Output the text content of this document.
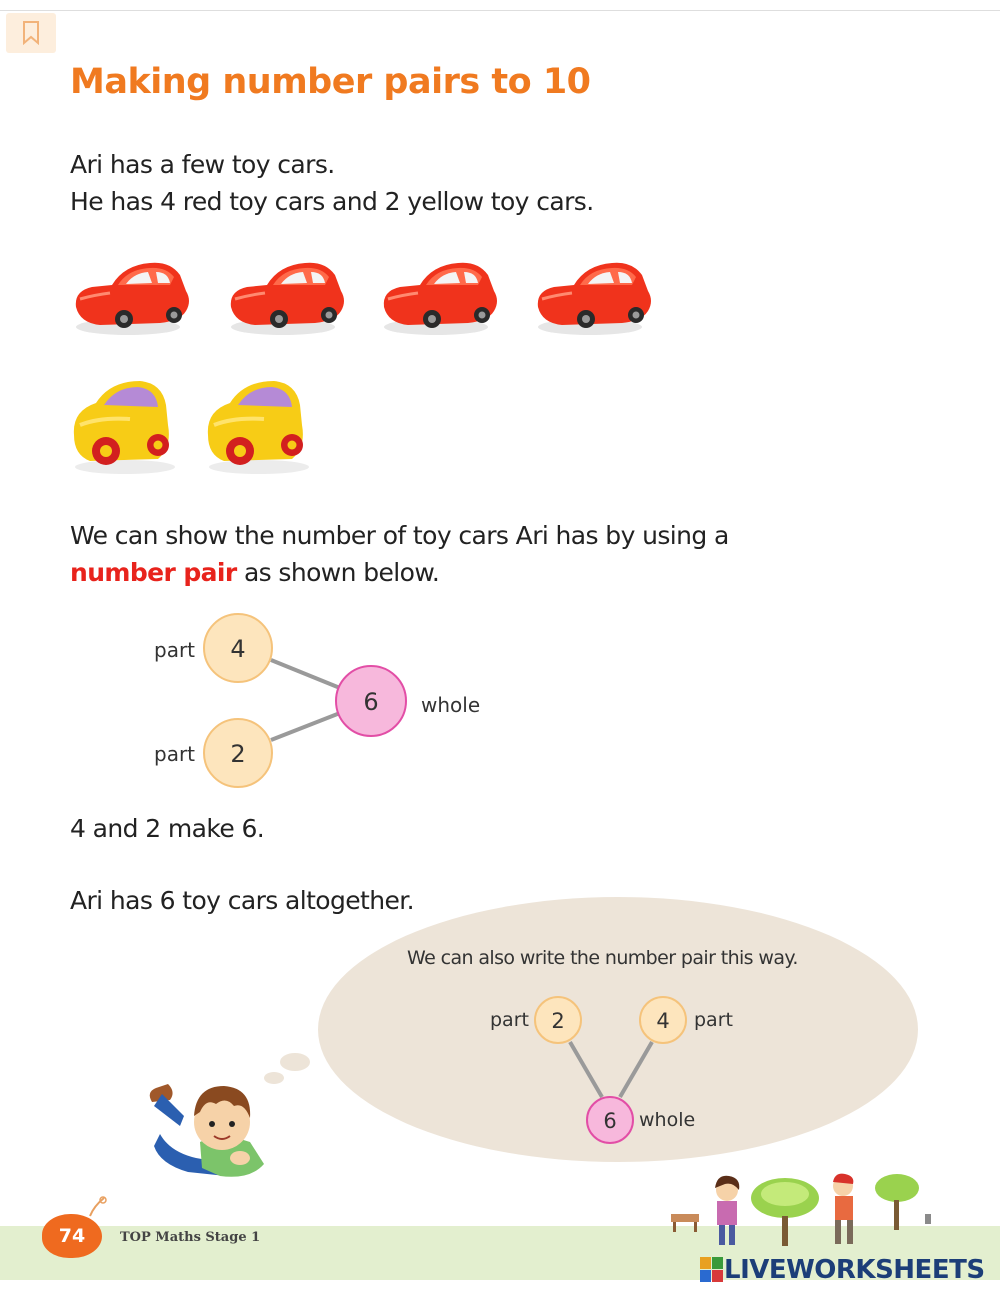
Making number pairs to 10
Ari has a few toy cars.
He has 4 red toy cars and 2 yellow toy cars.
We can show the number of toy cars Ari has by using a
number pair as shown below.
4
2
6
part
part
whole
4 and 2 make 6.
Ari has 6 toy cars altogether.
We can also write the number pair this way.
2	4
6
part	part
whole
74	TOP Maths Stage 1
LIVEWORKSHEETS
